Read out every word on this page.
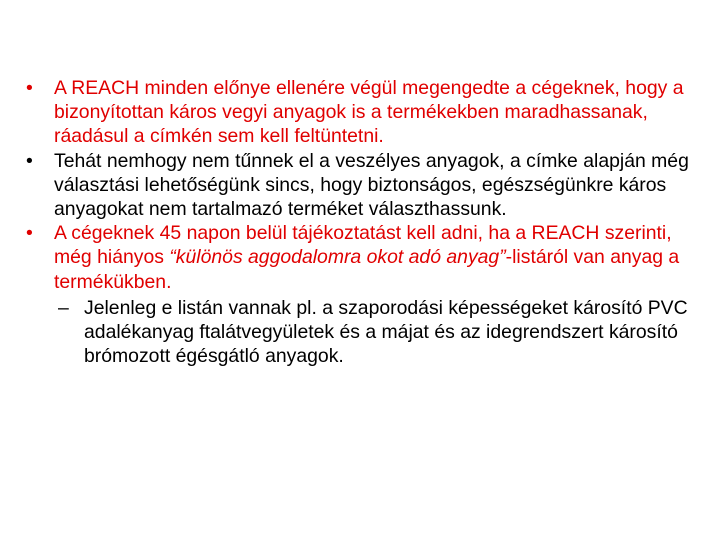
• A REACH minden előnye ellenére végül megengedte a cégeknek, hogy a bizonyítottan káros vegyi anyagok is a termékekben maradhassanak, ráadásul a címkén sem kell feltüntetni.
• Tehát nemhogy nem tűnnek el a veszélyes anyagok, a címke alapján még választási lehetőségünk sincs, hogy biztonságos, egészségünkre káros anyagokat nem tartalmazó terméket választhassunk.
• A cégeknek 45 napon belül tájékoztatást kell adni, ha a REACH szerinti, még hiányos “különös aggodalomra okot adó anyag”-listáról van anyag a termékükben.
– Jelenleg e listán vannak pl. a szaporodási képességeket károsító PVC adalékanyag ftalátvegyületek és a májat és az idegrendszert károsító brómozott égésgátló anyagok.
